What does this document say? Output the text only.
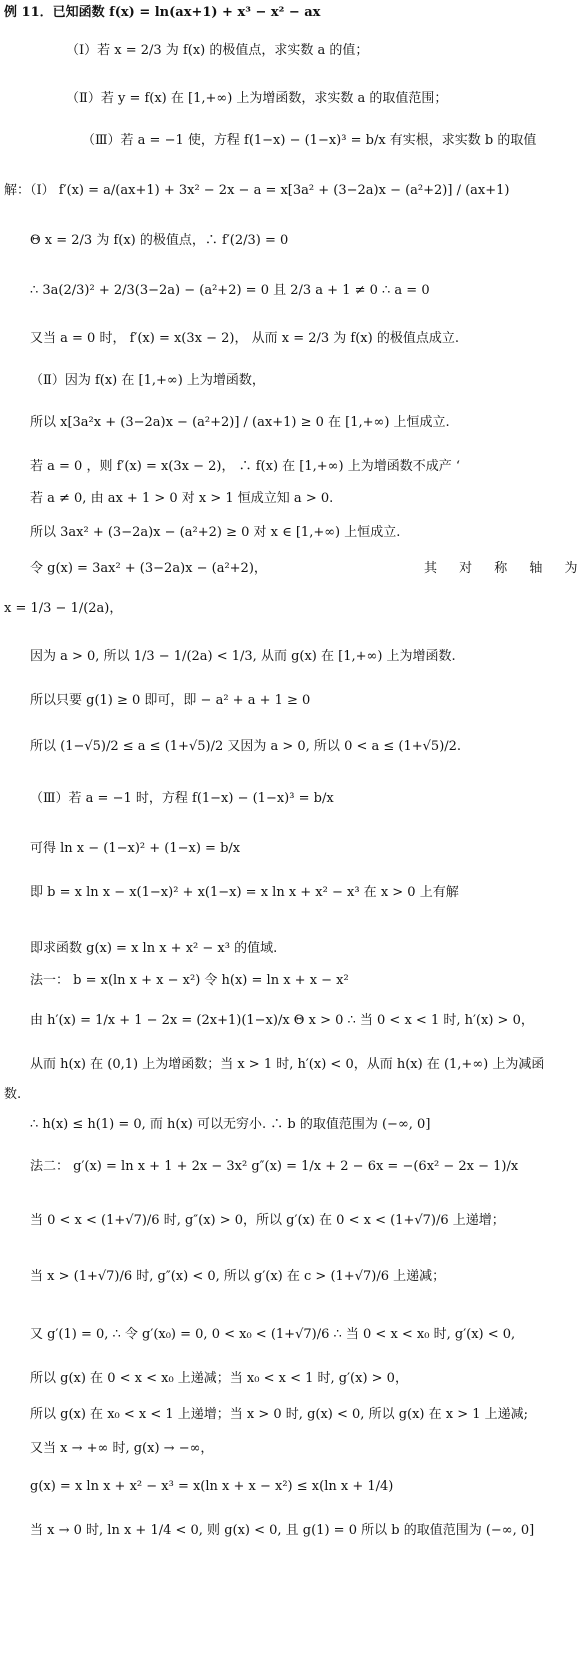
其 对 称 轴 为
例 11．已知函数 f(x) = ln(ax+1) + x³ − x² − ax
（Ⅰ）若 x = 2/3 为 f(x) 的极值点，求实数 a 的值；
（Ⅱ）若 y = f(x) 在 [1,+∞) 上为增函数，求实数 a 的取值范围；
（Ⅲ）若 a = −1 使，方程 f(1−x) − (1−x)³ = b/x 有实根，求实数 b 的取值
解：（Ⅰ） f′(x) = a/(ax+1) + 3x² − 2x − a = x[3a² + (3−2a)x − (a²+2)] / (ax+1)
Θ x = 2/3 为 f(x) 的极值点，∴ f′(2/3) = 0
∴ 3a(2/3)² + 2/3(3−2a) − (a²+2) = 0 且 2/3 a + 1 ≠ 0 ∴ a = 0
又当 a = 0 时， f′(x) = x(3x − 2)， 从而 x = 2/3 为 f(x) 的极值点成立.
（Ⅱ）因为 f(x) 在 [1,+∞) 上为增函数，
所以 x[3a²x + (3−2a)x − (a²+2)] / (ax+1) ≥ 0 在 [1,+∞) 上恒成立.
若 a = 0 ，则 f′(x) = x(3x − 2)， ∴ f(x) 在 [1,+∞) 上为增函数不成产 ‘
若 a ≠ 0, 由 ax + 1 > 0 对 x > 1 恒成立知 a > 0.
所以 3ax² + (3−2a)x − (a²+2) ≥ 0 对 x ∈ [1,+∞) 上恒成立.
令 g(x) = 3ax² + (3−2a)x − (a²+2)，
x = 1/3 − 1/(2a)，
因为 a > 0, 所以 1/3 − 1/(2a) < 1/3, 从而 g(x) 在 [1,+∞) 上为增函数.
所以只要 g(1) ≥ 0 即可，即 − a² + a + 1 ≥ 0
所以 (1−√5)/2 ≤ a ≤ (1+√5)/2 又因为 a > 0, 所以 0 < a ≤ (1+√5)/2.
（Ⅲ）若 a = −1 时，方程 f(1−x) − (1−x)³ = b/x
可得 ln x − (1−x)² + (1−x) = b/x
即 b = x ln x − x(1−x)² + x(1−x) = x ln x + x² − x³ 在 x > 0 上有解
即求函数 g(x) = x ln x + x² − x³ 的值域.
法一： b = x(ln x + x − x²) 令 h(x) = ln x + x − x²
由 h′(x) = 1/x + 1 − 2x = (2x+1)(1−x)/x Θ x > 0 ∴ 当 0 < x < 1 时, h′(x) > 0，
从而 h(x) 在 (0,1) 上为增函数；当 x > 1 时, h′(x) < 0，从而 h(x) 在 (1,+∞) 上为减函
数.
∴ h(x) ≤ h(1) = 0, 而 h(x) 可以无穷小. ∴ b 的取值范围为 (−∞, 0]
法二： g′(x) = ln x + 1 + 2x − 3x² g″(x) = 1/x + 2 − 6x = −(6x² − 2x − 1)/x
当 0 < x < (1+√7)/6 时, g″(x) > 0，所以 g′(x) 在 0 < x < (1+√7)/6 上递增；
当 x > (1+√7)/6 时, g″(x) < 0, 所以 g′(x) 在 c > (1+√7)/6 上递减；
又 g′(1) = 0, ∴ 令 g′(x₀) = 0, 0 < x₀ < (1+√7)/6 ∴ 当 0 < x < x₀ 时, g′(x) < 0,
所以 g(x) 在 0 < x < x₀ 上递减；当 x₀ < x < 1 时, g′(x) > 0，
所以 g(x) 在 x₀ < x < 1 上递增；当 x > 0 时, g(x) < 0, 所以 g(x) 在 x > 1 上递减;
又当 x → +∞ 时, g(x) → −∞，
g(x) = x ln x + x² − x³ = x(ln x + x − x²) ≤ x(ln x + 1/4)
当 x → 0 时, ln x + 1/4 < 0, 则 g(x) < 0, 且 g(1) = 0 所以 b 的取值范围为 (−∞, 0]
